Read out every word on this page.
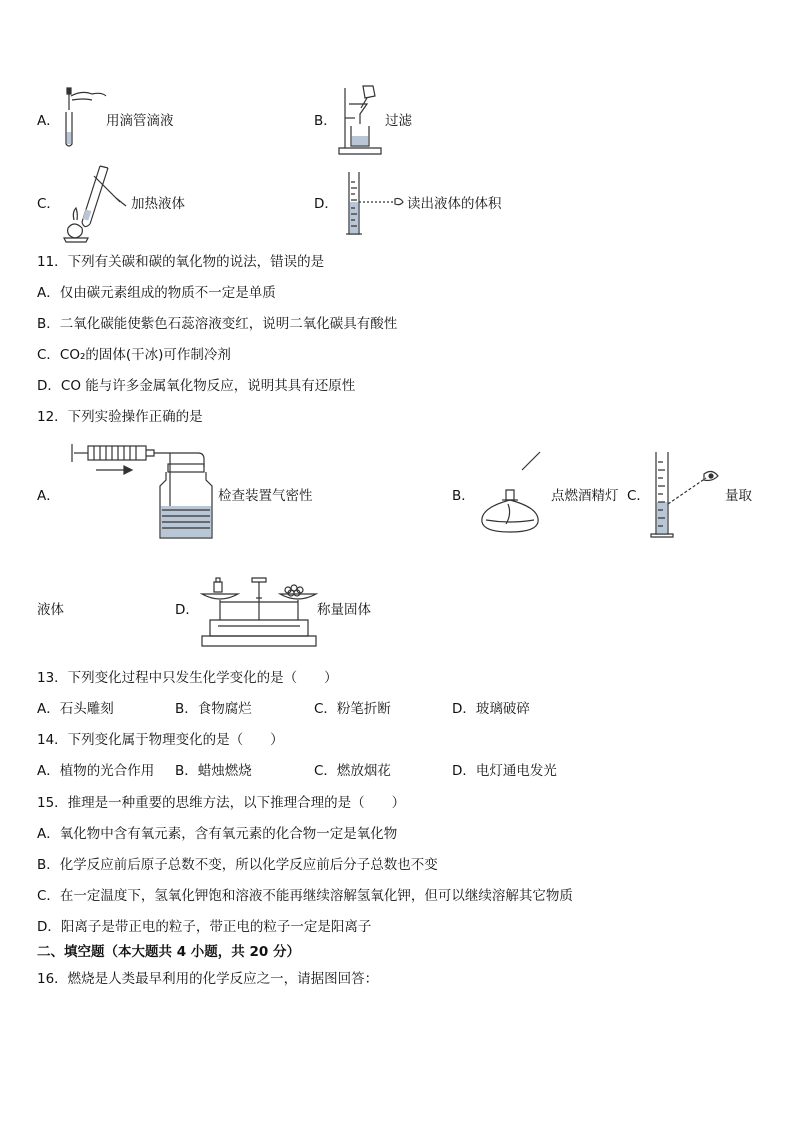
A．	用滴管滴液	B．	过滤
C．	加热液体	D．	读出液体的体积
11．下列有关碳和碳的氧化物的说法，错误的是
A．仅由碳元素组成的物质不一定是单质
B．二氧化碳能使紫色石蕊溶液变红，说明二氧化碳具有酸性
C．CO₂的固体(干冰)可作制冷剂
D．CO 能与许多金属氧化物反应，说明其具有还原性
12．下列实验操作正确的是
A．	检查装置气密性	B．	点燃酒精灯 C．	量取
液体	D．	称量固体
13．下列变化过程中只发生化学变化的是（　　）
A．石头雕刻	B．食物腐烂	C．粉笔折断	D．玻璃破碎
14．下列变化属于物理变化的是（　　）
A．植物的光合作用 B．蜡烛燃烧	C．燃放烟花	D．电灯通电发光
15．推理是一种重要的思维方法，以下推理合理的是（　　）
A．氧化物中含有氧元素，含有氧元素的化合物一定是氧化物
B．化学反应前后原子总数不变，所以化学反应前后分子总数也不变
C．在一定温度下，氢氧化钾饱和溶液不能再继续溶解氢氧化钾，但可以继续溶解其它物质
D．阳离子是带正电的粒子，带正电的粒子一定是阳离子
二、填空题（本大题共 4 小题，共 20 分）
16．燃烧是人类最早利用的化学反应之一，请据图回答：
